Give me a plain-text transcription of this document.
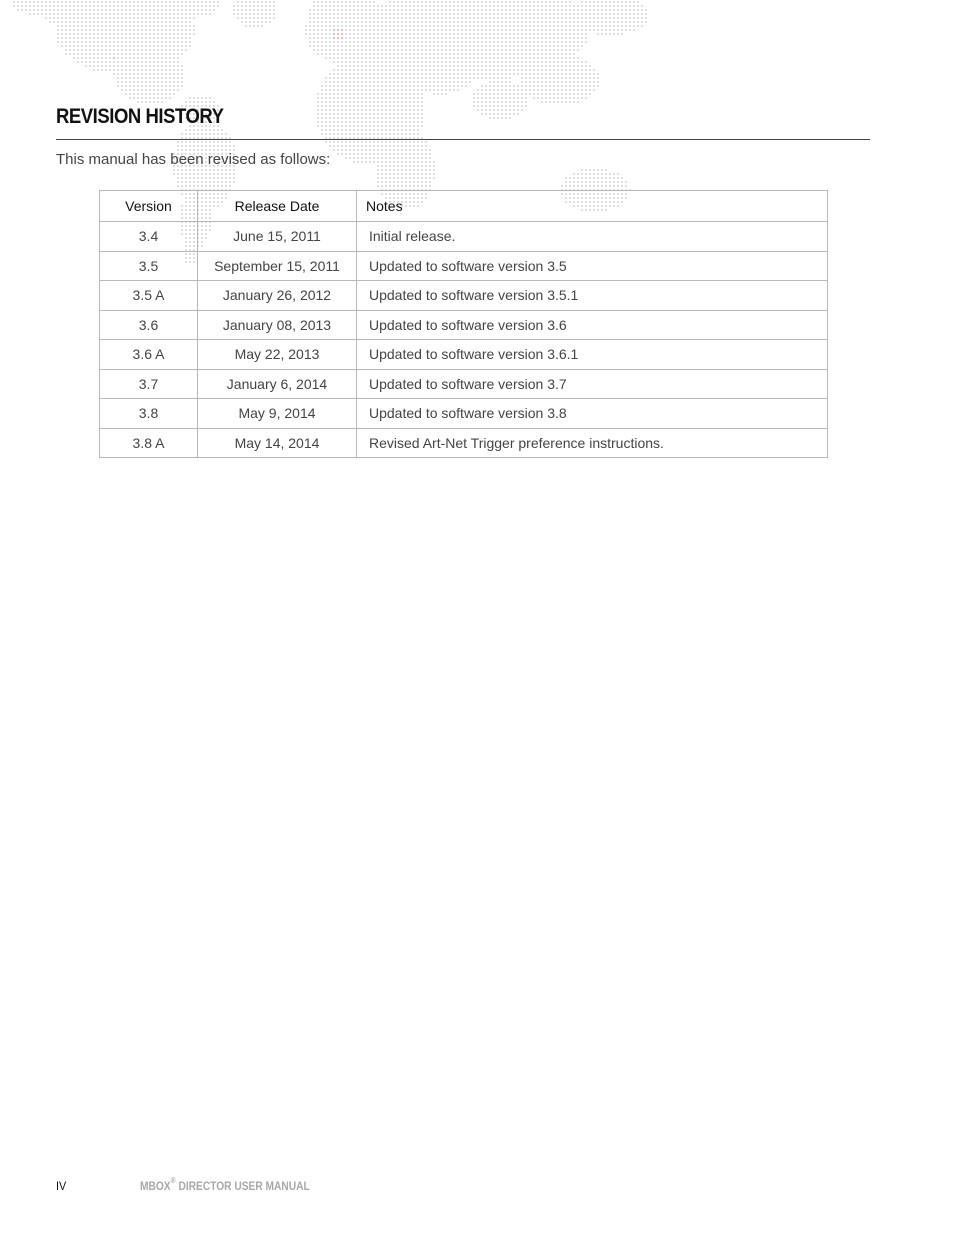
REVISION HISTORY
This manual has been revised as follows:
Version	Release Date	Notes
3.4	June 15, 2011	Initial release.
3.5	September 15, 2011	Updated to software version 3.5
3.5 A	January 26, 2012	Updated to software version 3.5.1
3.6	January 08, 2013	Updated to software version 3.6
3.6 A	May 22, 2013	Updated to software version 3.6.1
3.7	January 6, 2014	Updated to software version 3.7
3.8	May 9, 2014	Updated to software version 3.8
3.8 A	May 14, 2014	Revised Art-Net Trigger preference instructions.
IV	MBOX® DIRECTOR USER MANUAL
